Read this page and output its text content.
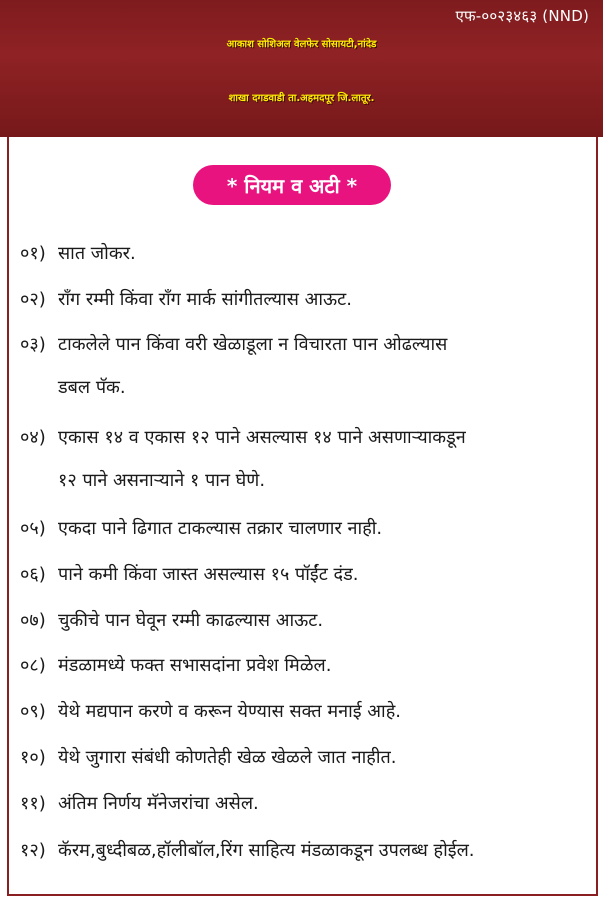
एफ-००२३४६३ (NND)
आकाश सोशिअल वेलफेर सोसायटी,नांदेड
शाखा दगडवाडी ता.अहमदपूर जि.लातूर.
* नियम व अटी *
०१) सात जोकर.
०२) राँग रम्मी किंवा राँग मार्क सांगीतल्यास आऊट.
०३) टाकलेले पान किंवा वरी खेळाडूला न विचारता पान ओढल्यास
डबल पॅक.
०४) एकास १४ व एकास १२ पाने असल्यास १४ पाने असणाऱ्याकडून
१२ पाने असनाऱ्याने १ पान घेणे.
०५) एकदा पाने ढिगात टाकल्यास तक्रार चालणार नाही.
०६) पाने कमी किंवा जास्त असल्यास १५ पॉईंट दंड.
०७) चुकीचे पान घेवून रम्मी काढल्यास आऊट.
०८) मंडळामध्ये फक्त सभासदांना प्रवेश मिळेल.
०९) येथे मद्यपान करणे व करून येण्यास सक्त मनाई आहे.
१०) येथे जुगारा संबंधी कोणतेही खेळ खेळले जात नाहीत.
११) अंतिम निर्णय मॅनेजरांचा असेल.
१२) कॅरम,बुध्दीबळ,हॉलीबॉल,रिंग साहित्य मंडळाकडून उपलब्ध होईल.
